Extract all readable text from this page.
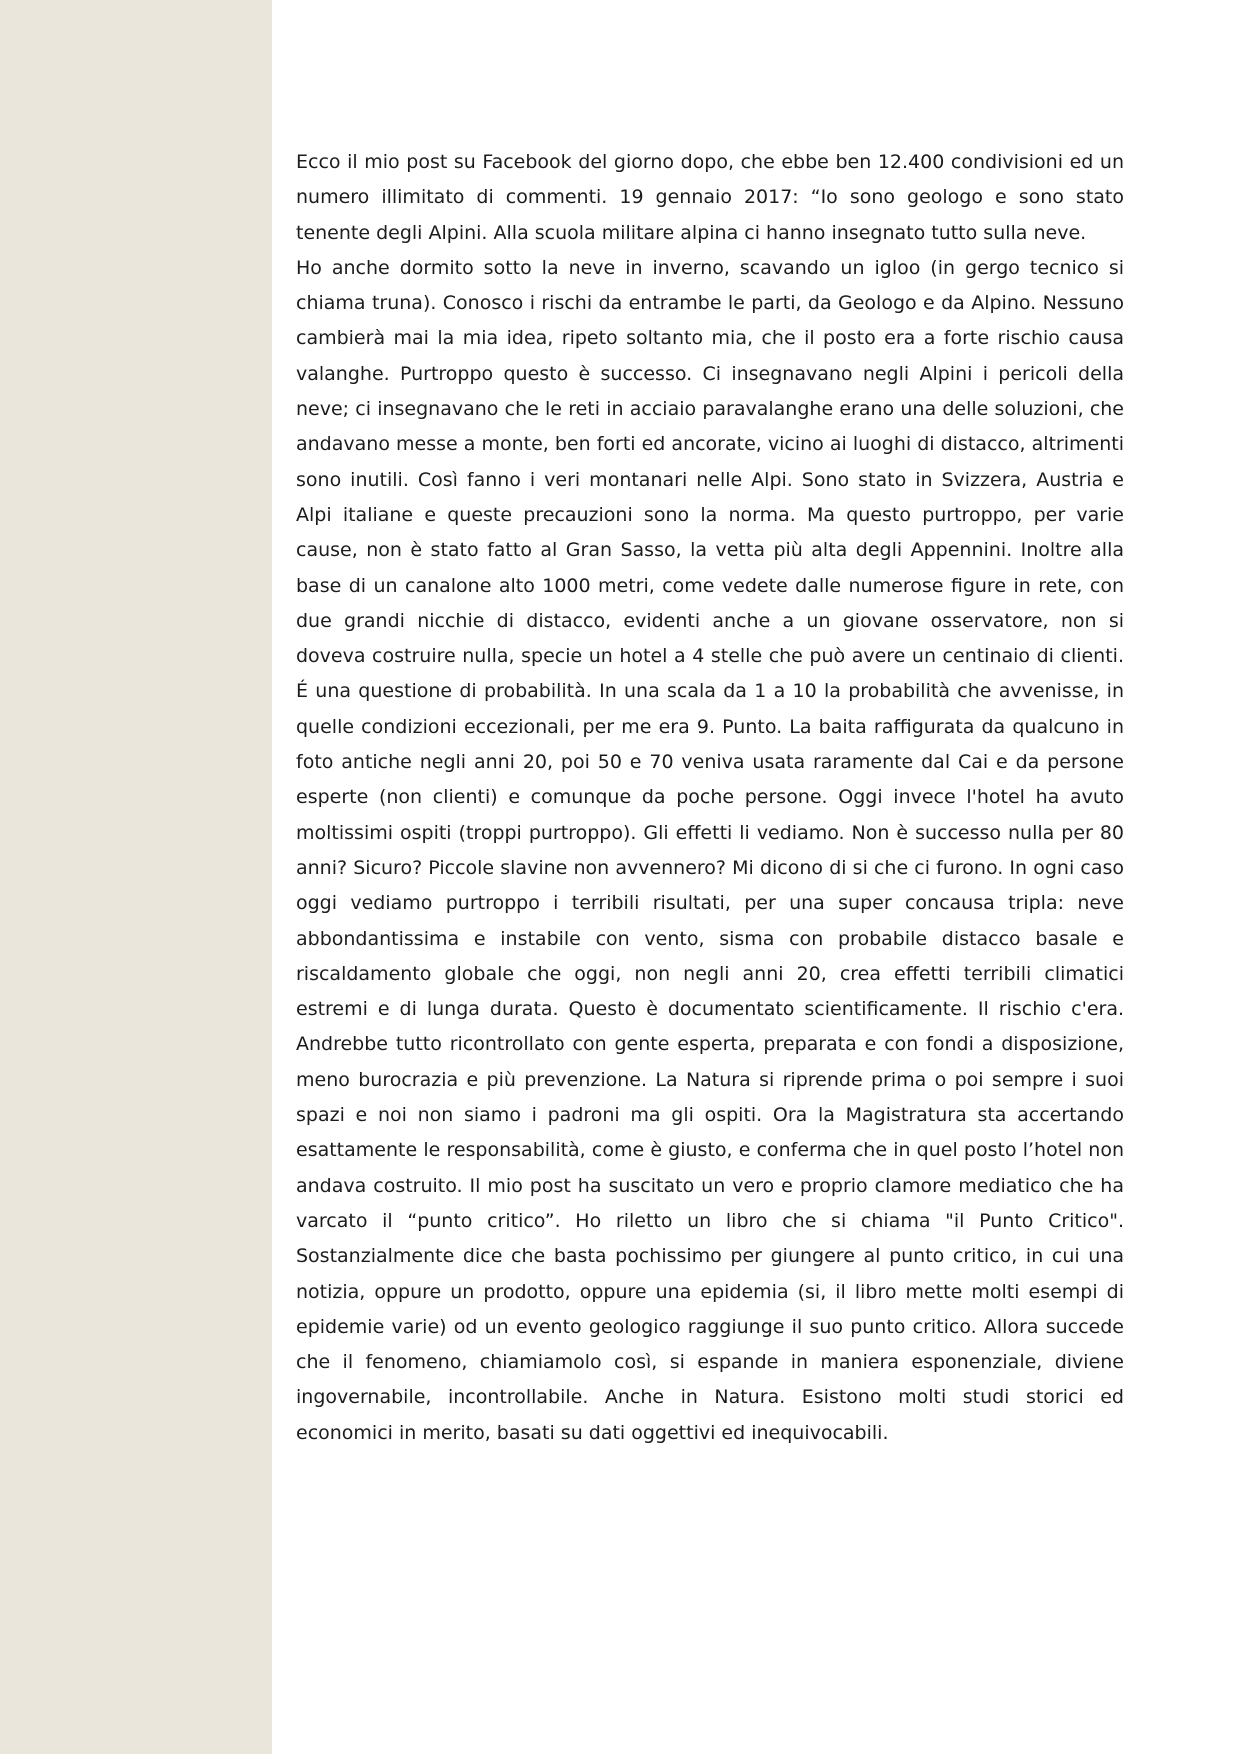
Ecco il mio post su Facebook del giorno dopo, che ebbe ben 12.400 condivisioni ed un numero illimitato di commenti. 19 gennaio 2017: “Io sono geologo e sono stato tenente degli Alpini. Alla scuola militare alpina ci hanno insegnato tutto sulla neve.

Ho anche dormito sotto la neve in inverno, scavando un igloo (in gergo tecnico si chiama truna). Conosco i rischi da entrambe le parti, da Geologo e da Alpino. Nessuno cambierà mai la mia idea, ripeto soltanto mia, che il posto era a forte rischio causa valanghe. Purtroppo questo è successo. Ci insegnavano negli Alpini i pericoli della neve; ci insegnavano che le reti in acciaio paravalanghe erano una delle soluzioni, che andavano messe a monte, ben forti ed ancorate, vicino ai luoghi di distacco, altrimenti sono inutili. Così fanno i veri montanari nelle Alpi. Sono stato in Svizzera, Austria e Alpi italiane e queste precauzioni sono la norma. Ma questo purtroppo, per varie cause, non è stato fatto al Gran Sasso, la vetta più alta degli Appennini. Inoltre alla base di un canalone alto 1000 metri, come vedete dalle numerose figure in rete, con due grandi nicchie di distacco, evidenti anche a un giovane osservatore, non si doveva costruire nulla, specie un hotel a 4 stelle che può avere un centinaio di clienti. É una questione di probabilità. In una scala da 1 a 10 la probabilità che avvenisse, in quelle condizioni eccezionali, per me era 9. Punto. La baita raffigurata da qualcuno in foto antiche negli anni 20, poi 50 e 70 veniva usata raramente dal Cai e da persone esperte (non clienti) e comunque da poche persone. Oggi invece l'hotel ha avuto moltissimi ospiti (troppi purtroppo). Gli effetti li vediamo. Non è successo nulla per 80 anni? Sicuro? Piccole slavine non avvennero? Mi dicono di si che ci furono. In ogni caso oggi vediamo purtroppo i terribili risultati, per una super concausa tripla: neve abbondantissima e instabile con vento, sisma con probabile distacco basale e riscaldamento globale che oggi, non negli anni 20, crea effetti terribili climatici estremi e di lunga durata. Questo è documentato scientificamente. Il rischio c'era. Andrebbe tutto ricontrollato con gente esperta, preparata e con fondi a disposizione, meno burocrazia e più prevenzione. La Natura si riprende prima o poi sempre i suoi spazi e noi non siamo i padroni ma gli ospiti. Ora la Magistratura sta accertando esattamente le responsabilità, come è giusto, e conferma che in quel posto l’hotel non andava costruito. Il mio post ha suscitato un vero e proprio clamore mediatico che ha varcato il “punto critico”. Ho riletto un libro che si chiama "il Punto Critico". Sostanzialmente dice che basta pochissimo per giungere al punto critico, in cui una notizia, oppure un prodotto, oppure una epidemia (si, il libro mette molti esempi di epidemie varie) od un evento geologico raggiunge il suo punto critico. Allora succede che il fenomeno, chiamiamolo così, si espande in maniera esponenziale, diviene ingovernabile, incontrollabile. Anche in Natura. Esistono molti studi storici ed economici in merito, basati su dati oggettivi ed inequivocabili.
